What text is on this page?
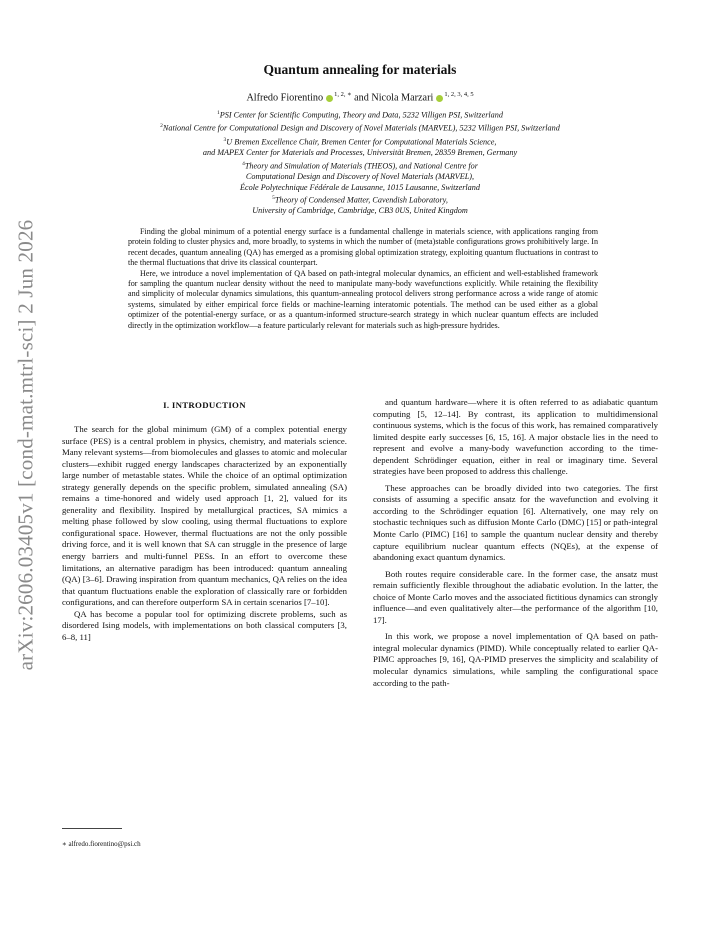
arXiv:2606.03405v1 [cond-mat.mtrl-sci] 2 Jun 2026
Quantum annealing for materials
Alfredo Fiorentino $^{1, 2, ∗}$ and Nicola Marzari $^{1, 2, 3, 4, 5}$
$^1$PSI Center for Scientific Computing, Theory and Data, 5232 Villigen PSI, Switzerland
$^2$National Centre for Computational Design and Discovery of Novel Materials (MARVEL), 5232 Villigen PSI, Switzerland
$^3$U Bremen Excellence Chair, Bremen Center for Computational Materials Science,
and MAPEX Center for Materials and Processes, Universität Bremen, 28359 Bremen, Germany
$^4$Theory and Simulation of Materials (THEOS), and National Centre for
Computational Design and Discovery of Novel Materials (MARVEL),
École Polytechnique Fédérale de Lausanne, 1015 Lausanne, Switzerland
$^5$Theory of Condensed Matter, Cavendish Laboratory,
University of Cambridge, Cambridge, CB3 0US, United Kingdom

Finding the global minimum of a potential energy surface is a fundamental challenge in materials science, with applications ranging from protein folding to cluster physics and, more broadly, to systems in which the number of (meta)stable configurations grows prohibitively large. In recent decades, quantum annealing (QA) has emerged as a promising global optimization strategy, exploiting quantum fluctuations in contrast to the thermal fluctuations that drive its classical counterpart.

Here, we introduce a novel implementation of QA based on path-integral molecular dynamics, an efficient and well-established framework for sampling the quantum nuclear density without the need to manipulate many-body wavefunctions explicitly. While retaining the flexibility and simplicity of molecular dynamics simulations, this quantum-annealing protocol delivers strong performance across a wide range of atomic systems, simulated by either empirical force fields or machine-learning interatomic potentials. The method can be used either as a global optimizer of the potential-energy surface, or as a quantum-informed structure-search strategy in which nuclear quantum effects are included directly in the optimization workflow—a feature particularly relevant for materials such as high-pressure hydrides.

I. INTRODUCTION

The search for the global minimum (GM) of a complex potential energy surface (PES) is a central problem in physics, chemistry, and materials science. Many relevant systems—from biomolecules and glasses to atomic and molecular clusters—exhibit rugged energy landscapes characterized by an exponentially large number of metastable states. While the choice of an optimal optimization strategy generally depends on the specific problem, simulated annealing (SA) remains a time-honored and widely used approach [1, 2], valued for its generality and flexibility. Inspired by metallurgical practices, SA mimics a melting phase followed by slow cooling, using thermal fluctuations to explore configurational space. However, thermal fluctuations are not the only possible driving force, and it is well known that SA can struggle in the presence of large energy barriers and multi-funnel PESs. In an effort to overcome these limitations, an alternative paradigm has been introduced: quantum annealing (QA) [3–6]. Drawing inspiration from quantum mechanics, QA relies on the idea that quantum fluctuations enable the exploration of classically rare or forbidden configurations, and can therefore outperform SA in certain scenarios [7–10].

QA has become a popular tool for optimizing discrete problems, such as disordered Ising models, with implementations on both classical computers [3, 6–8, 11]

and quantum hardware—where it is often referred to as adiabatic quantum computing [5, 12–14]. By contrast, its application to multidimensional continuous systems, which is the focus of this work, has remained comparatively limited despite early successes [6, 15, 16]. A major obstacle lies in the need to represent and evolve a many-body wavefunction according to the time-dependent Schrödinger equation, either in real or imaginary time. Several strategies have been proposed to address this challenge.

These approaches can be broadly divided into two categories. The first consists of assuming a specific ansatz for the wavefunction and evolving it according to the Schrödinger equation [6]. Alternatively, one may rely on stochastic techniques such as diffusion Monte Carlo (DMC) [15] or path-integral Monte Carlo (PIMC) [16] to sample the quantum nuclear density and thereby capture equilibrium nuclear quantum effects (NQEs), at the expense of abandoning exact quantum dynamics.

Both routes require considerable care. In the former case, the ansatz must remain sufficiently flexible throughout the adiabatic evolution. In the latter, the choice of Monte Carlo moves and the associated fictitious dynamics can strongly influence—and even qualitatively alter—the performance of the algorithm [10, 17].

In this work, we propose a novel implementation of QA based on path-integral molecular dynamics (PIMD). While conceptually related to earlier QA-PIMC approaches [9, 16], QA-PIMD preserves the simplicity and scalability of molecular dynamics simulations, while sampling the configurational space according to the path-

∗ alfredo.fiorentino@psi.ch
